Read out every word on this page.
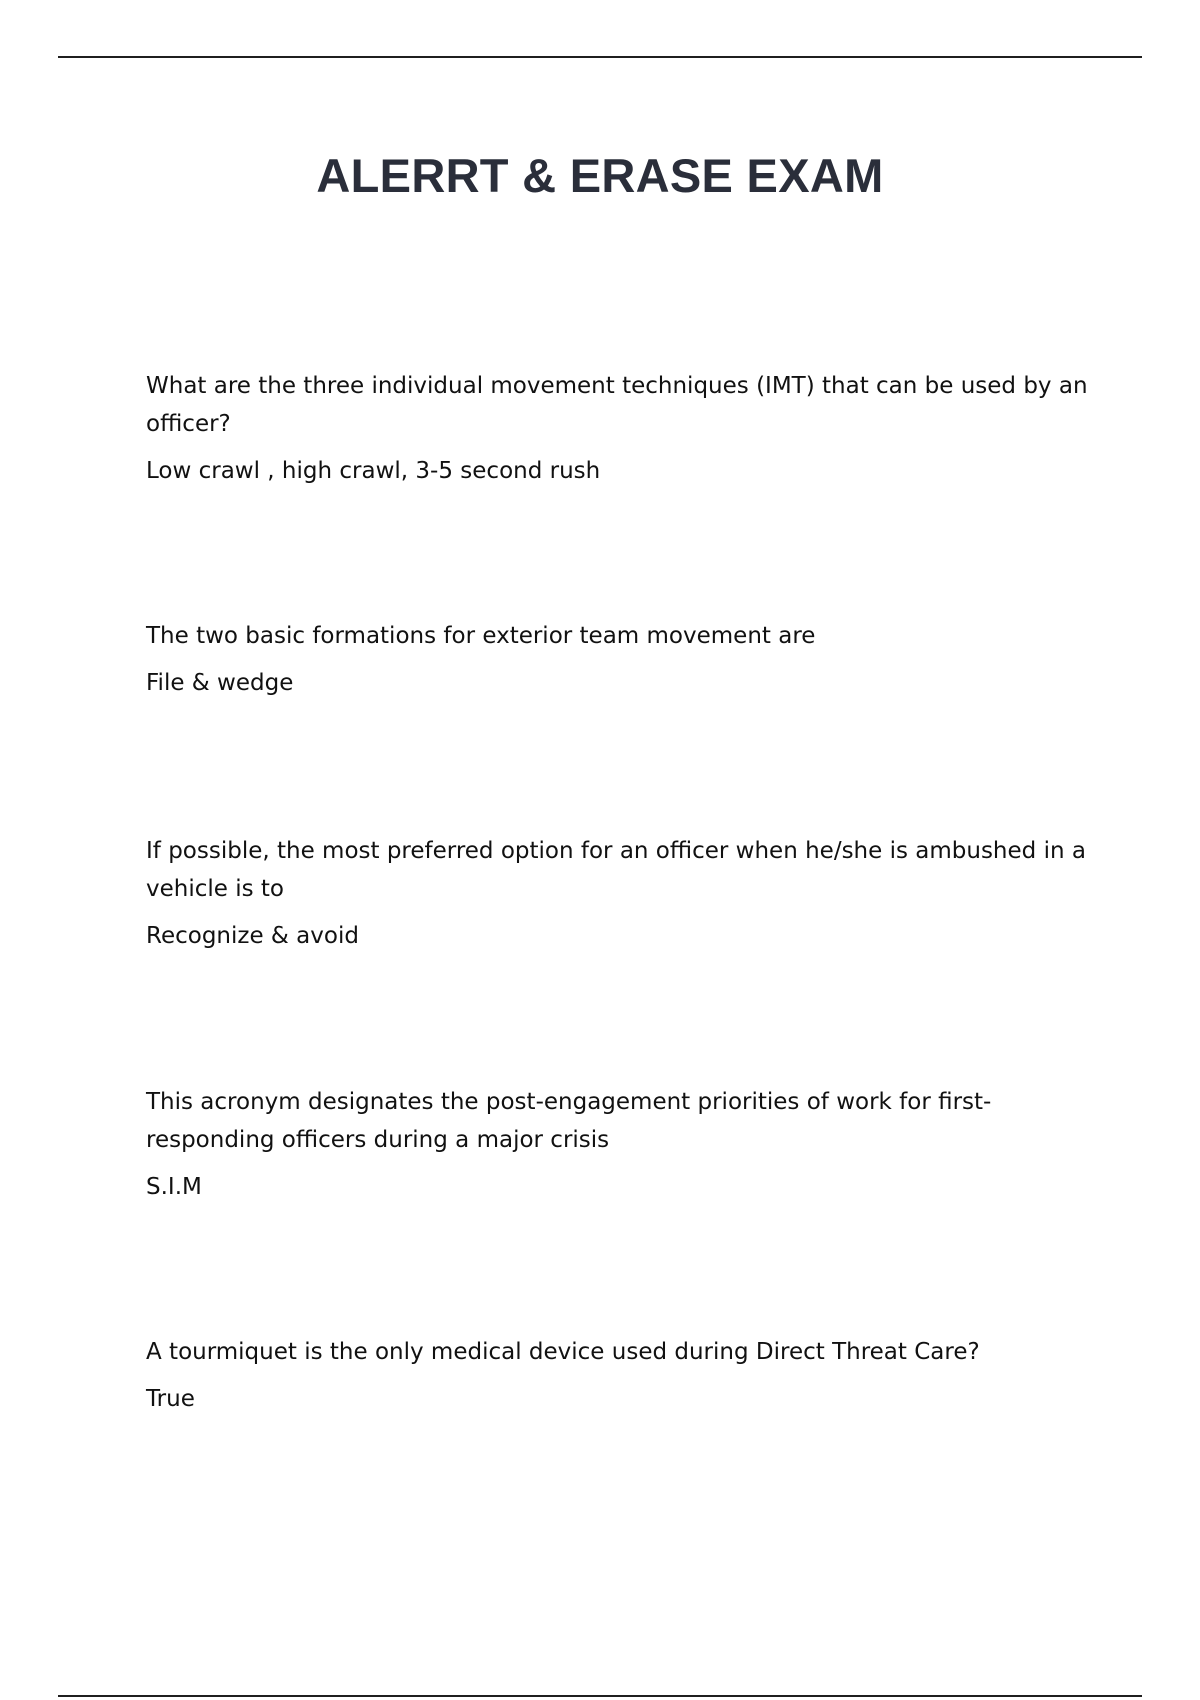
ALERRT & ERASE EXAM

What are the three individual movement techniques (IMT) that can be used by an officer?

Low crawl , high crawl, 3-5 second rush

The two basic formations for exterior team movement are

File & wedge

If possible, the most preferred option for an officer when he/she is ambushed in a vehicle is to

Recognize & avoid

This acronym designates the post-engagement priorities of work for first-responding officers during a major crisis

S.I.M

A tourmiquet is the only medical device used during Direct Threat Care?

True
